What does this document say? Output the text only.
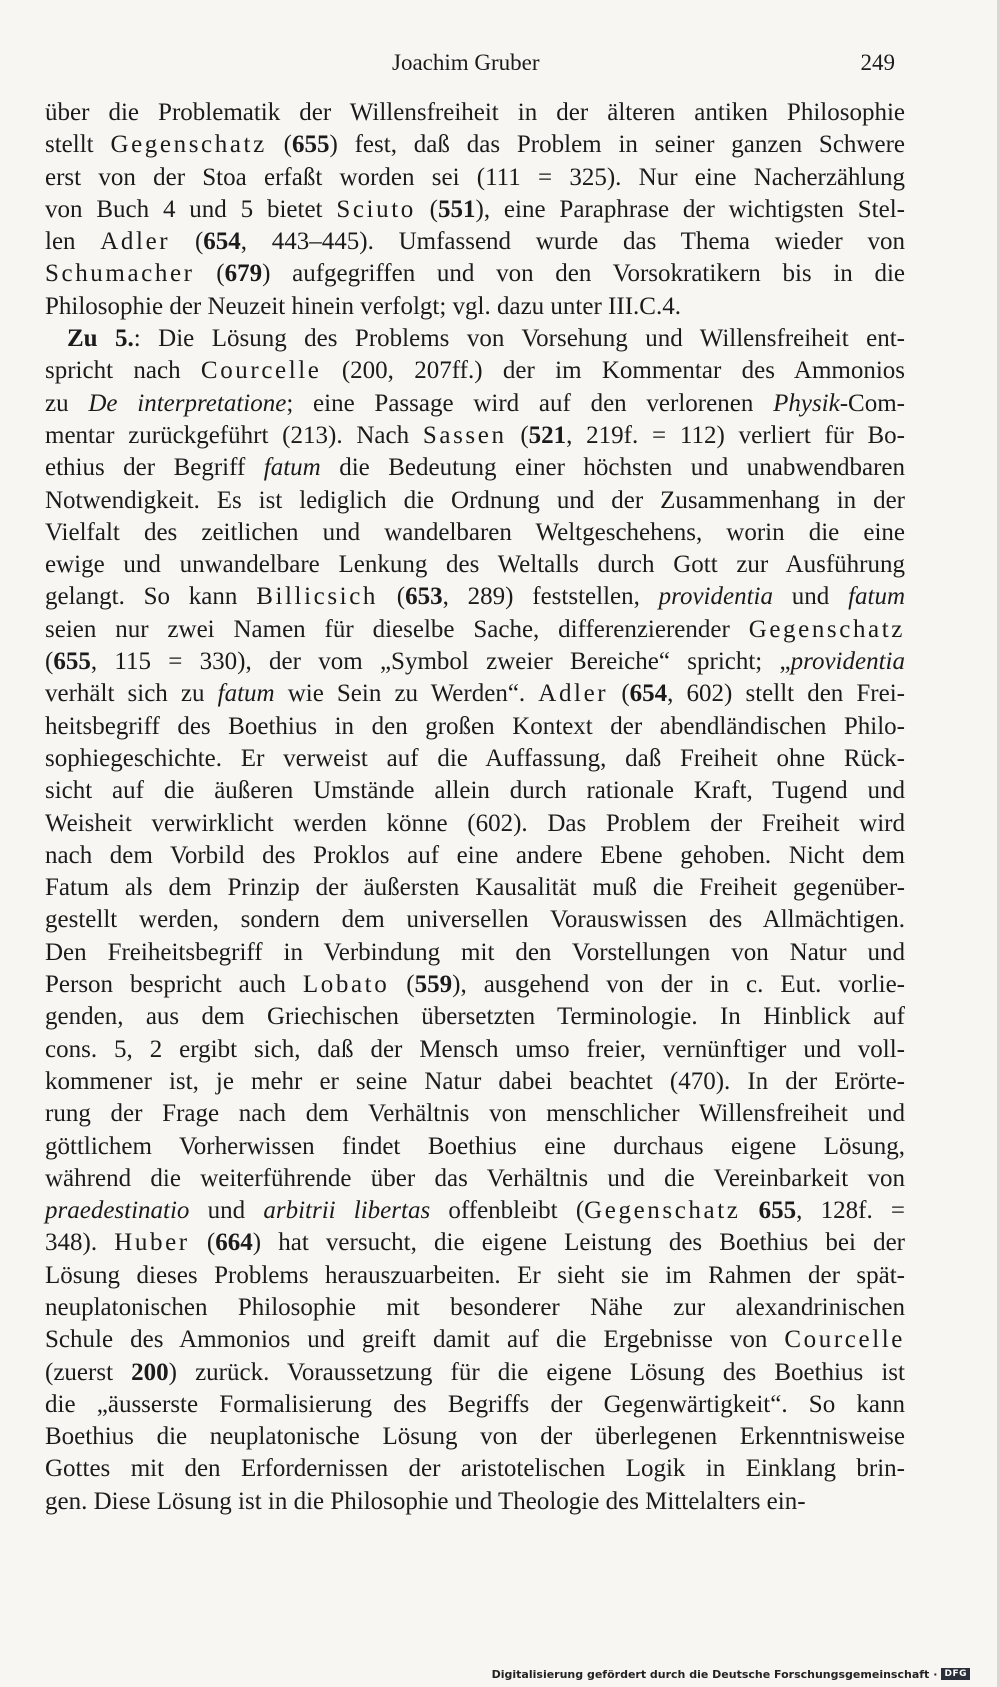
Joachim Gruber	249
über die Problematik der Willensfreiheit in der älteren antiken Philosophie
stellt Gegenschatz (655) fest, daß das Problem in seiner ganzen Schwere
erst von der Stoa erfaßt worden sei (111 = 325). Nur eine Nacherzählung
von Buch 4 und 5 bietet Sciuto (551), eine Paraphrase der wichtigsten Stel-
len Adler (654, 443–445). Umfassend wurde das Thema wieder von
Schumacher (679) aufgegriffen und von den Vorsokratikern bis in die
Philosophie der Neuzeit hinein verfolgt; vgl. dazu unter III.C.4.
Zu 5.: Die Lösung des Problems von Vorsehung und Willensfreiheit ent-
spricht nach Courcelle (200, 207ff.) der im Kommentar des Ammonios
zu De interpretatione; eine Passage wird auf den verlorenen Physik-Com-
mentar zurückgeführt (213). Nach Sassen (521, 219f. = 112) verliert für Bo-
ethius der Begriff fatum die Bedeutung einer höchsten und unabwendbaren
Notwendigkeit. Es ist lediglich die Ordnung und der Zusammenhang in der
Vielfalt des zeitlichen und wandelbaren Weltgeschehens, worin die eine
ewige und unwandelbare Lenkung des Weltalls durch Gott zur Ausführung
gelangt. So kann Billicsich (653, 289) feststellen, providentia und fatum
seien nur zwei Namen für dieselbe Sache, differenzierender Gegenschatz
(655, 115 = 330), der vom „Symbol zweier Bereiche“ spricht; „providentia
verhält sich zu fatum wie Sein zu Werden“. Adler (654, 602) stellt den Frei-
heitsbegriff des Boethius in den großen Kontext der abendländischen Philo-
sophiegeschichte. Er verweist auf die Auffassung, daß Freiheit ohne Rück-
sicht auf die äußeren Umstände allein durch rationale Kraft, Tugend und
Weisheit verwirklicht werden könne (602). Das Problem der Freiheit wird
nach dem Vorbild des Proklos auf eine andere Ebene gehoben. Nicht dem
Fatum als dem Prinzip der äußersten Kausalität muß die Freiheit gegenüber-
gestellt werden, sondern dem universellen Vorauswissen des Allmächtigen.
Den Freiheitsbegriff in Verbindung mit den Vorstellungen von Natur und
Person bespricht auch Lobato (559), ausgehend von der in c. Eut. vorlie-
genden, aus dem Griechischen übersetzten Terminologie. In Hinblick auf
cons. 5, 2 ergibt sich, daß der Mensch umso freier, vernünftiger und voll-
kommener ist, je mehr er seine Natur dabei beachtet (470). In der Erörte-
rung der Frage nach dem Verhältnis von menschlicher Willensfreiheit und
göttlichem Vorherwissen findet Boethius eine durchaus eigene Lösung,
während die weiterführende über das Verhältnis und die Vereinbarkeit von
praedestinatio und arbitrii libertas offenbleibt (Gegenschatz 655, 128f. =
348). Huber (664) hat versucht, die eigene Leistung des Boethius bei der
Lösung dieses Problems herauszuarbeiten. Er sieht sie im Rahmen der spät-
neuplatonischen Philosophie mit besonderer Nähe zur alexandrinischen
Schule des Ammonios und greift damit auf die Ergebnisse von Courcelle
(zuerst 200) zurück. Voraussetzung für die eigene Lösung des Boethius ist
die „äusserste Formalisierung des Begriffs der Gegenwärtigkeit“. So kann
Boethius die neuplatonische Lösung von der überlegenen Erkenntnisweise
Gottes mit den Erfordernissen der aristotelischen Logik in Einklang brin-
gen. Diese Lösung ist in die Philosophie und Theologie des Mittelalters ein-
Digitalisierung gefördert durch die Deutsche Forschungsgemeinschaft · DFG
